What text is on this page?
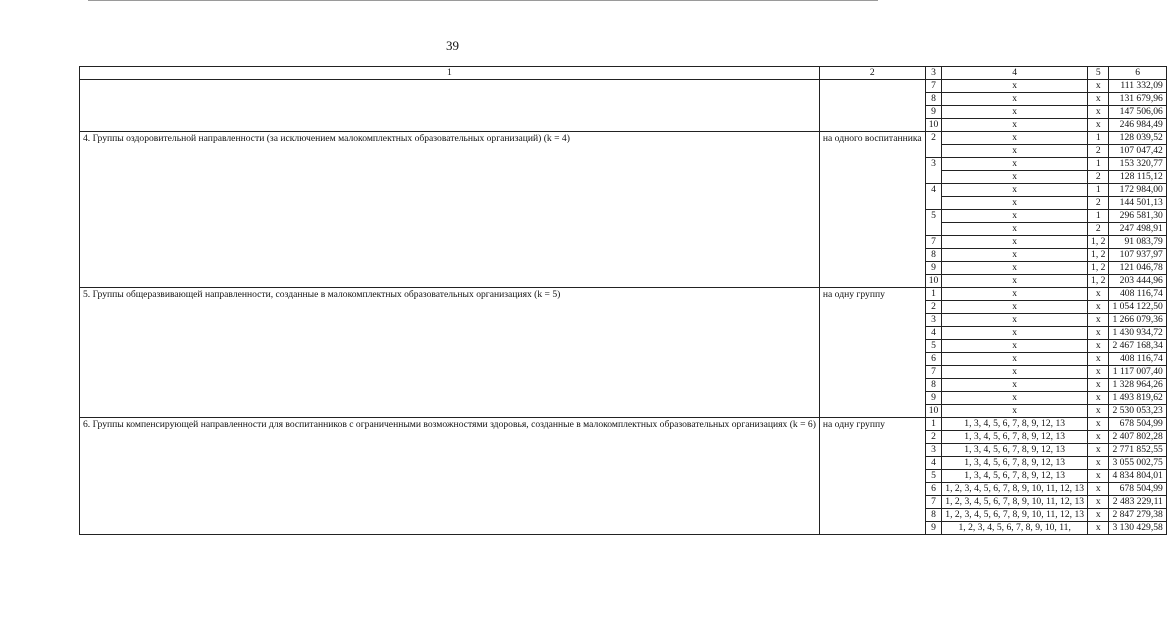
39
1	2	3	4	5	6
		7	x	x	111 332,09
		8	x	x	131 679,96
		9	x	x	147 506,06
		10	x	x	246 984,49
4. Группы оздоровительной направленности (за исключением малокомплектных образовательных организаций) (k = 4)	на одного воспитанника	2	x	1	128 039,52
			x	2	107 047,42
		3	x	1	153 320,77
			x	2	128 115,12
		4	x	1	172 984,00
			x	2	144 501,13
		5	x	1	296 581,30
			x	2	247 498,91
		7	x	1, 2	91 083,79
		8	x	1, 2	107 937,97
		9	x	1, 2	121 046,78
		10	x	1, 2	203 444,96
5. Группы общеразвивающей направленности, созданные в малокомплектных образовательных организациях (k = 5)	на одну группу	1	x	x	408 116,74
		2	x	x	1 054 122,50
		3	x	x	1 266 079,36
		4	x	x	1 430 934,72
		5	x	x	2 467 168,34
		6	x	x	408 116,74
		7	x	x	1 117 007,40
		8	x	x	1 328 964,26
		9	x	x	1 493 819,62
		10	x	x	2 530 053,23
6. Группы компенсирующей направленности для воспитанников с ограниченными возможностями здоровья, созданные в малокомплектных образовательных организациях (k = 6)	на одну группу	1	1, 3, 4, 5, 6, 7, 8, 9, 12, 13	x	678 504,99
		2	1, 3, 4, 5, 6, 7, 8, 9, 12, 13	x	2 407 802,28
		3	1, 3, 4, 5, 6, 7, 8, 9, 12, 13	x	2 771 852,55
		4	1, 3, 4, 5, 6, 7, 8, 9, 12, 13	x	3 055 002,75
		5	1, 3, 4, 5, 6, 7, 8, 9, 12, 13	x	4 834 804,01
		6	1, 2, 3, 4, 5, 6, 7, 8, 9, 10, 11, 12, 13	x	678 504,99
		7	1, 2, 3, 4, 5, 6, 7, 8, 9, 10, 11, 12, 13	x	2 483 229,11
		8	1, 2, 3, 4, 5, 6, 7, 8, 9, 10, 11, 12, 13	x	2 847 279,38
		9	1, 2, 3, 4, 5, 6, 7, 8, 9, 10, 11,	x	3 130 429,58
